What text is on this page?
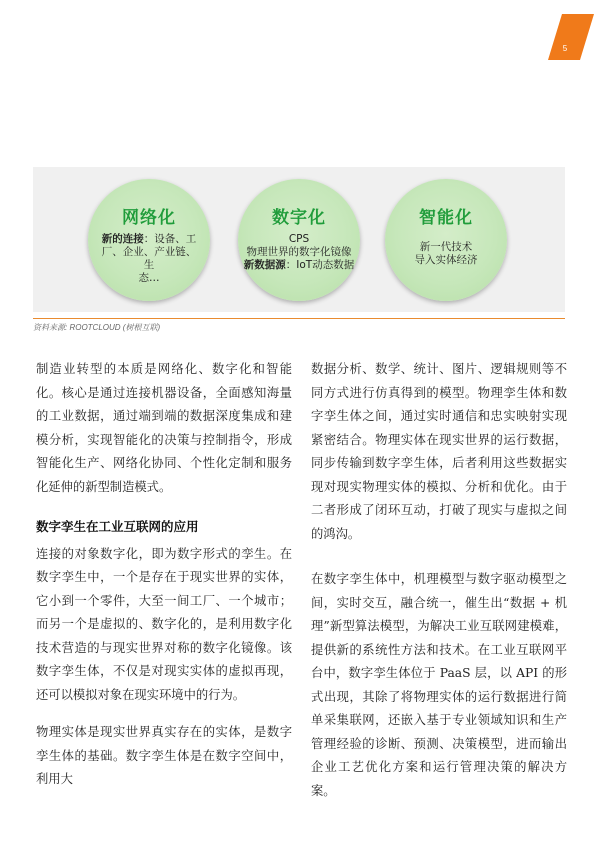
5
网络化
新的连接：设备、工
厂、企业、产业链、生
态…
数字化
CPS
物理世界的数字化镜像
新数据源：IoT动态数据
智能化
新一代技术
导入实体经济
资料来源: ROOTCLOUD (树根互联)

制造业转型的本质是网络化、数字化和智能化。核心是通过连接机器设备，全面感知海量的工业数据，通过端到端的数据深度集成和建模分析，实现智能化的决策与控制指令，形成智能化生产、网络化协同、个性化定制和服务化延伸的新型制造模式。

数字孪生在工业互联网的应用

连接的对象数字化，即为数字形式的孪生。在数字孪生中，一个是存在于现实世界的实体，它小到一个零件，大至一间工厂、一个城市；而另一个是虚拟的、数字化的，是利用数字化技术营造的与现实世界对称的数字化镜像。该数字孪生体，不仅是对现实实体的虚拟再现，还可以模拟对象在现实环境中的行为。

物理实体是现实世界真实存在的实体，是数字孪生体的基础。数字孪生体是在数字空间中，利用大

数据分析、数学、统计、图片、逻辑规则等不同方式进行仿真得到的模型。物理孪生体和数字孪生体之间，通过实时通信和忠实映射实现紧密结合。物理实体在现实世界的运行数据，同步传输到数字孪生体，后者利用这些数据实现对现实物理实体的模拟、分析和优化。由于二者形成了闭环互动，打破了现实与虚拟之间的鸿沟。

在数字孪生体中，机理模型与数字驱动模型之间，实时交互，融合统一，催生出“数据 + 机理”新型算法模型，为解决工业互联网建模难，提供新的系统性方法和技术。在工业互联网平台中，数字孪生体位于 PaaS 层，以 API 的形式出现，其除了将物理实体的运行数据进行简单采集联网，还嵌入基于专业领域知识和生产管理经验的诊断、预测、决策模型，进而输出企业工艺优化方案和运行管理决策的解决方案。
